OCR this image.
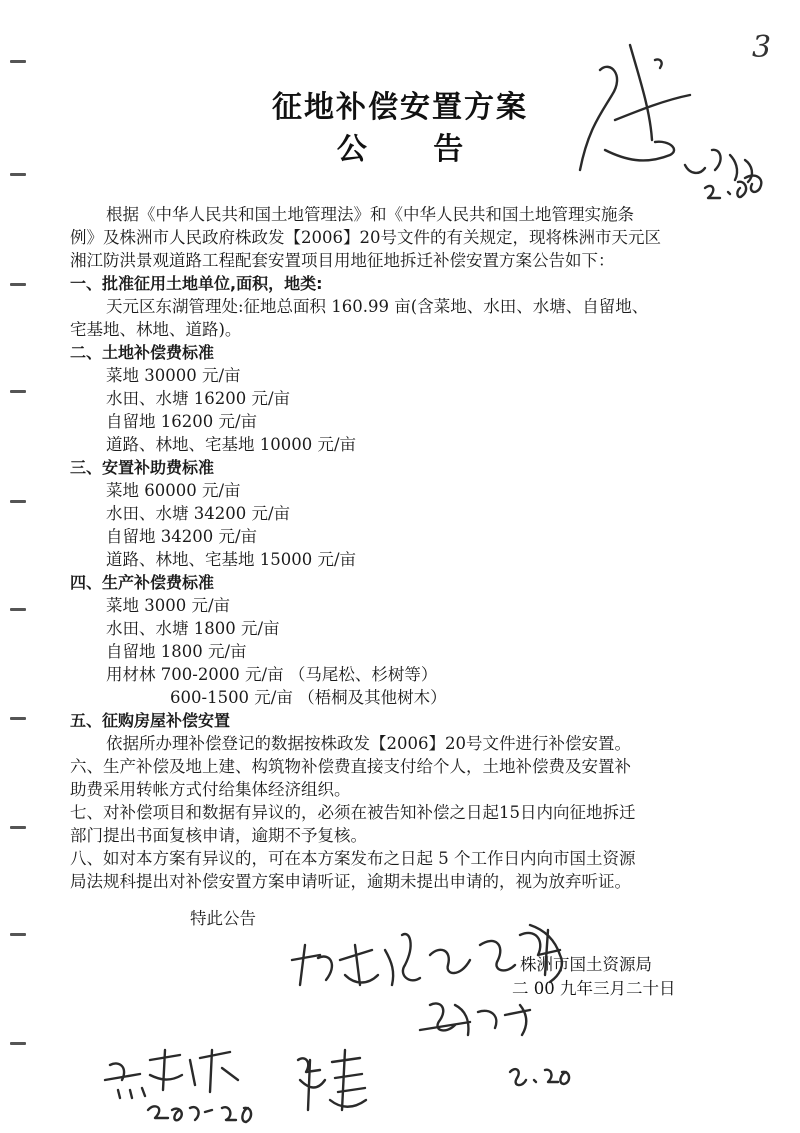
3
征地补偿安置方案
公 告
根据《中华人民共和国土地管理法》和《中华人民共和国土地管理实施条
例》及株洲市人民政府株政发【2006】20号文件的有关规定，现将株洲市天元区
湘江防洪景观道路工程配套安置项目用地征地拆迁补偿安置方案公告如下：
一、批准征用土地单位,面积，地类:
天元区东湖管理处:征地总面积 160.99 亩(含菜地、水田、水塘、自留地、
宅基地、林地、道路)。
二、土地补偿费标准
菜地 30000 元/亩
水田、水塘 16200 元/亩
自留地 16200 元/亩
道路、林地、宅基地 10000 元/亩
三、安置补助费标准
菜地 60000 元/亩
水田、水塘 34200 元/亩
自留地 34200 元/亩
道路、林地、宅基地 15000 元/亩
四、生产补偿费标准
菜地 3000 元/亩
水田、水塘 1800 元/亩
自留地 1800 元/亩
用材林 700-2000 元/亩 （马尾松、杉树等）
600-1500 元/亩 （梧桐及其他树木）
五、征购房屋补偿安置
依据所办理补偿登记的数据按株政发【2006】20号文件进行补偿安置。
六、生产补偿及地上建、构筑物补偿费直接支付给个人，土地补偿费及安置补
助费采用转帐方式付给集体经济组织。
七、对补偿项目和数据有异议的，必须在被告知补偿之日起15日内向征地拆迁
部门提出书面复核申请，逾期不予复核。
八、如对本方案有异议的，可在本方案发布之日起 5 个工作日内向市国土资源
局法规科提出对补偿安置方案申请听证，逾期未提出申请的，视为放弃听证。
特此公告
株洲市国土资源局
二 00 九年三月二十日
